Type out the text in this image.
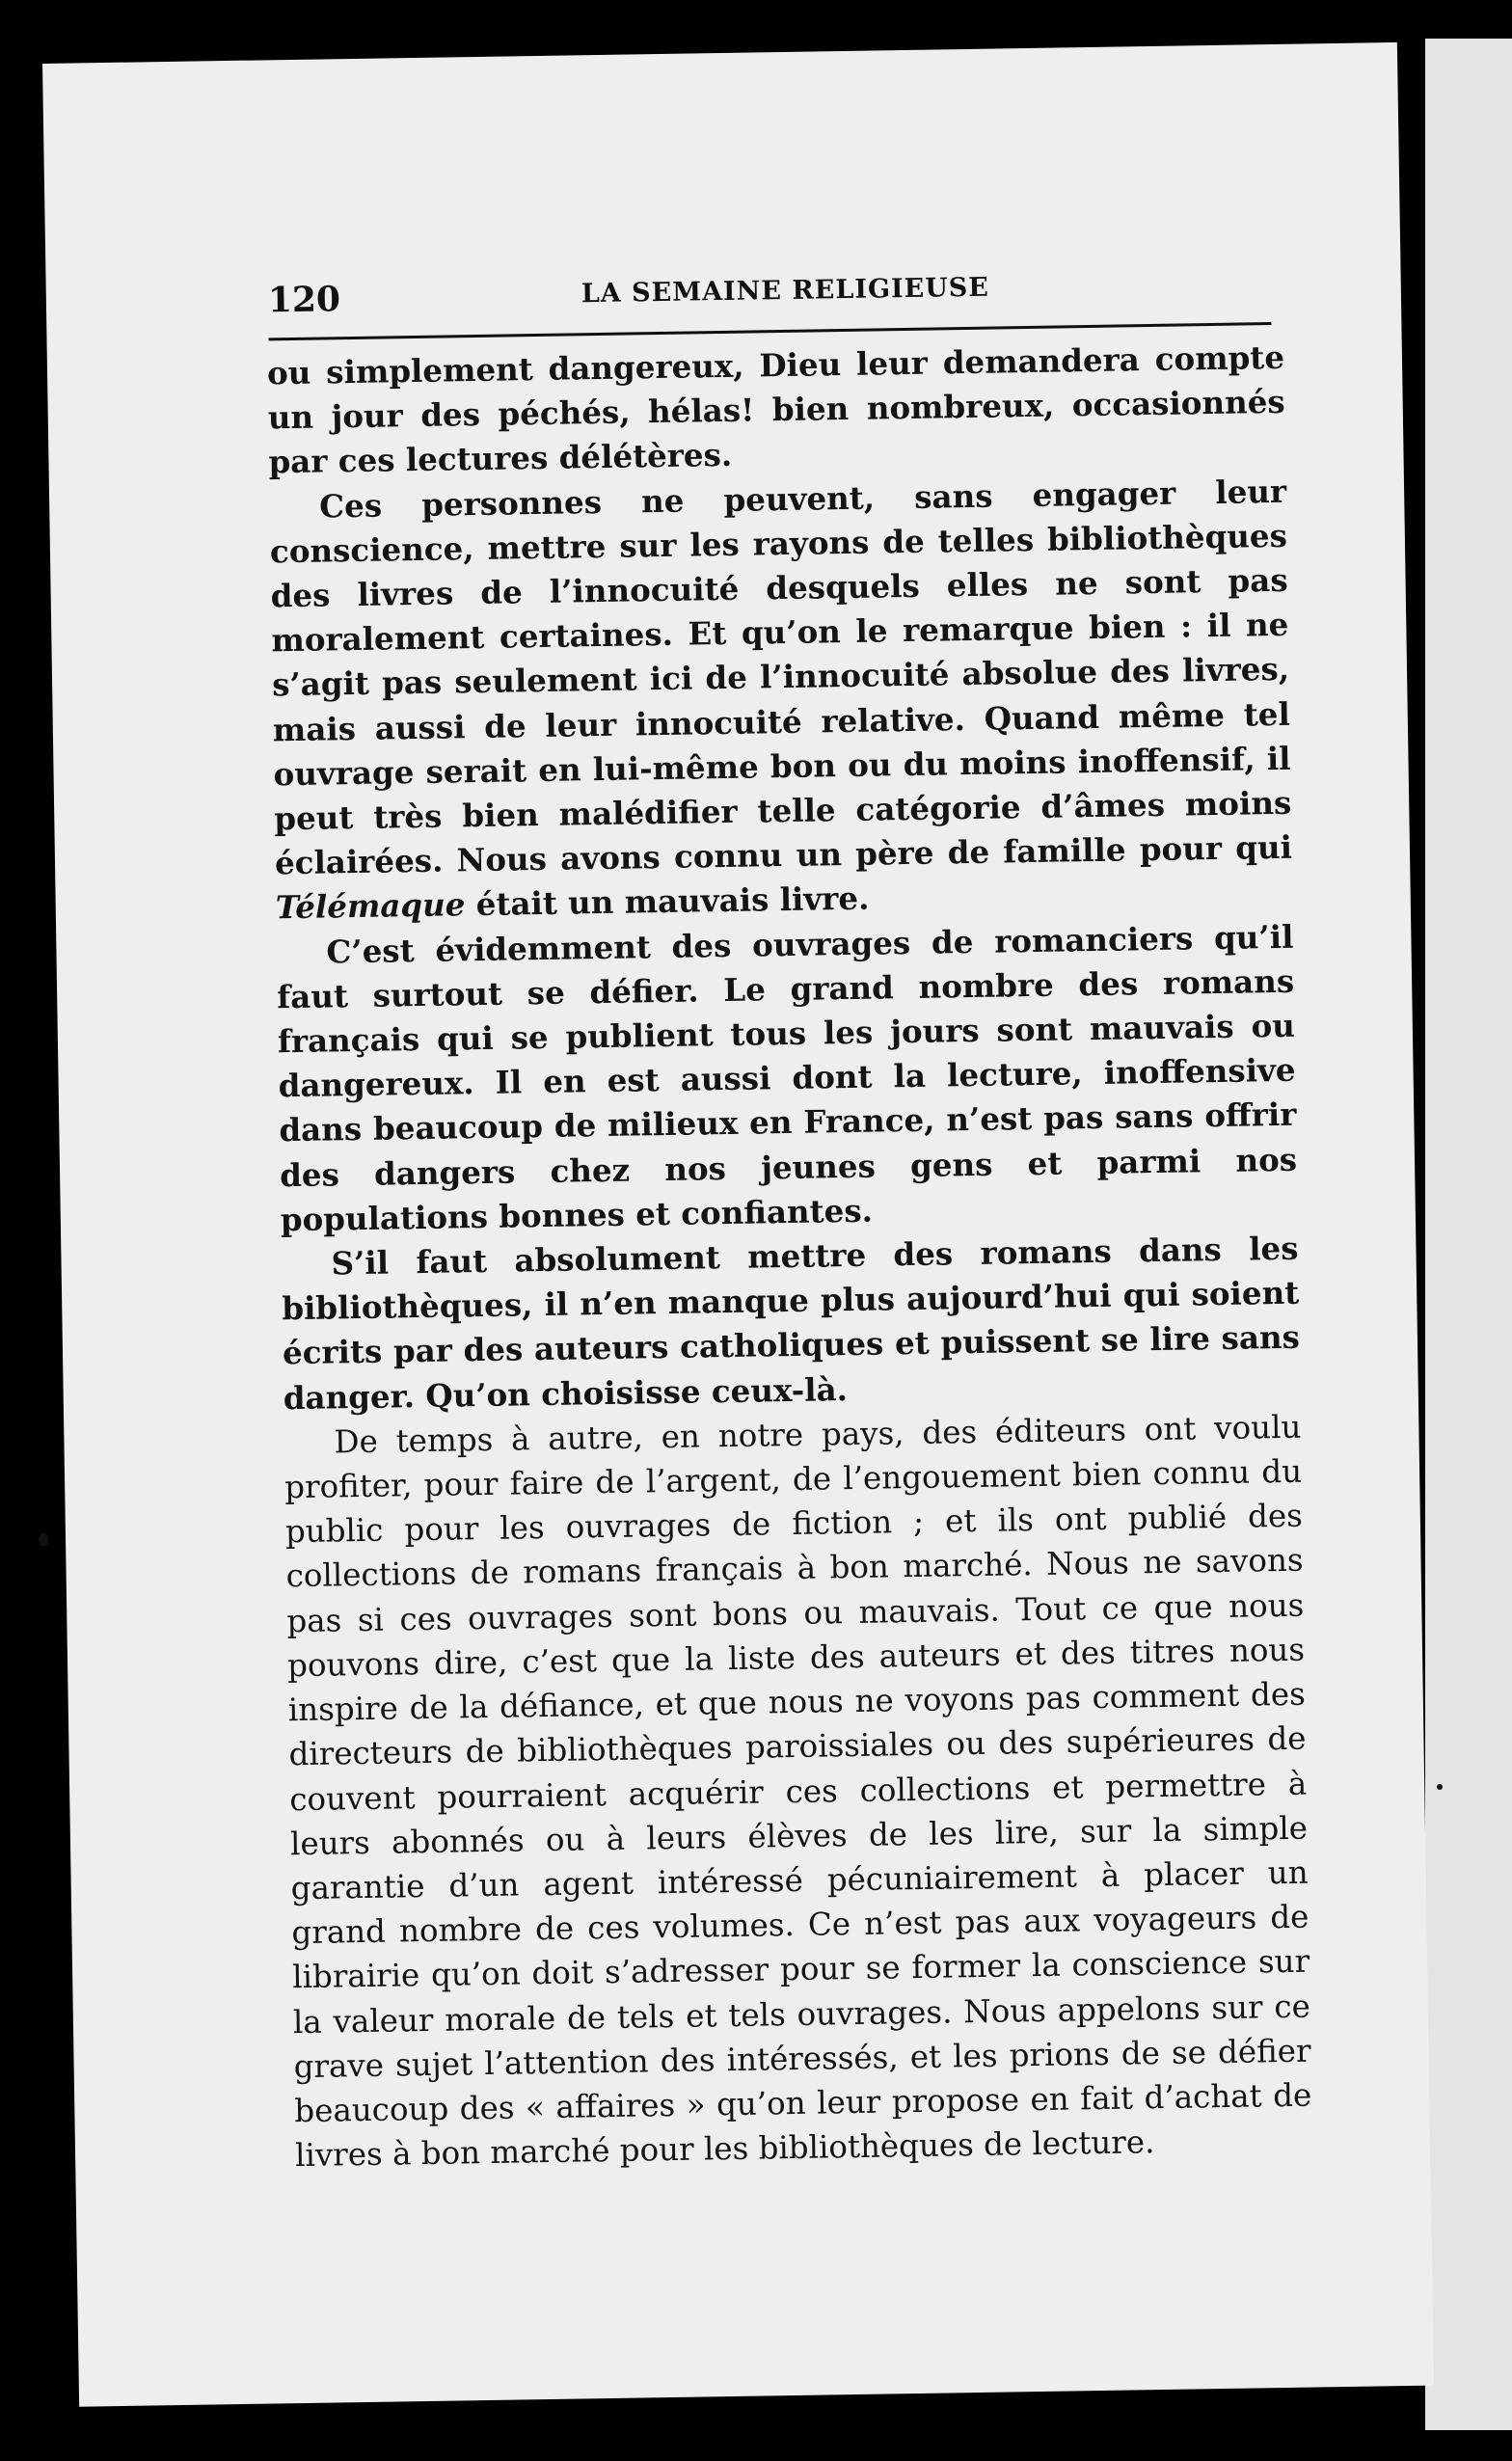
120	LA SEMAINE RELIGIEUSE

ou simplement dangereux, Dieu leur demandera compte un jour des péchés, hélas! bien nombreux, occasionnés par ces lectures délétères.

Ces personnes ne peuvent, sans engager leur conscience, mettre sur les rayons de telles bibliothèques des livres de l’innocuité desquels elles ne sont pas moralement certaines. Et qu’on le remarque bien : il ne s’agit pas seulement ici de l’innocuité absolue des livres, mais aussi de leur innocuité relative. Quand même tel ouvrage serait en lui-même bon ou du moins inoffensif, il peut très bien malédifier telle catégorie d’âmes moins éclairées. Nous avons connu un père de famille pour qui Télémaque était un mauvais livre.

C’est évidemment des ouvrages de romanciers qu’il faut surtout se défier. Le grand nombre des romans français qui se publient tous les jours sont mauvais ou dangereux. Il en est aussi dont la lecture, inoffensive dans beaucoup de milieux en France, n’est pas sans offrir des dangers chez nos jeunes gens et parmi nos populations bonnes et confiantes.

S’il faut absolument mettre des romans dans les bibliothèques, il n’en manque plus aujourd’hui qui soient écrits par des auteurs catholiques et puissent se lire sans danger. Qu’on choisisse ceux-là.

De temps à autre, en notre pays, des éditeurs ont voulu profiter, pour faire de l’argent, de l’engouement bien connu du public pour les ouvrages de fiction ; et ils ont publié des collections de romans français à bon marché. Nous ne savons pas si ces ouvrages sont bons ou mauvais. Tout ce que nous pouvons dire, c’est que la liste des auteurs et des titres nous inspire de la défiance, et que nous ne voyons pas comment des directeurs de bibliothèques paroissiales ou des supérieures de couvent pourraient acquérir ces collections et permettre à leurs abonnés ou à leurs élèves de les lire, sur la simple garantie d’un agent intéressé pécuniairement à placer un grand nombre de ces volumes. Ce n’est pas aux voyageurs de librairie qu’on doit s’adresser pour se former la conscience sur la valeur morale de tels et tels ouvrages. Nous appelons sur ce grave sujet l’attention des intéressés, et les prions de se défier beaucoup des « affaires » qu’on leur propose en fait d’achat de livres à bon marché pour les bibliothèques de lecture.
